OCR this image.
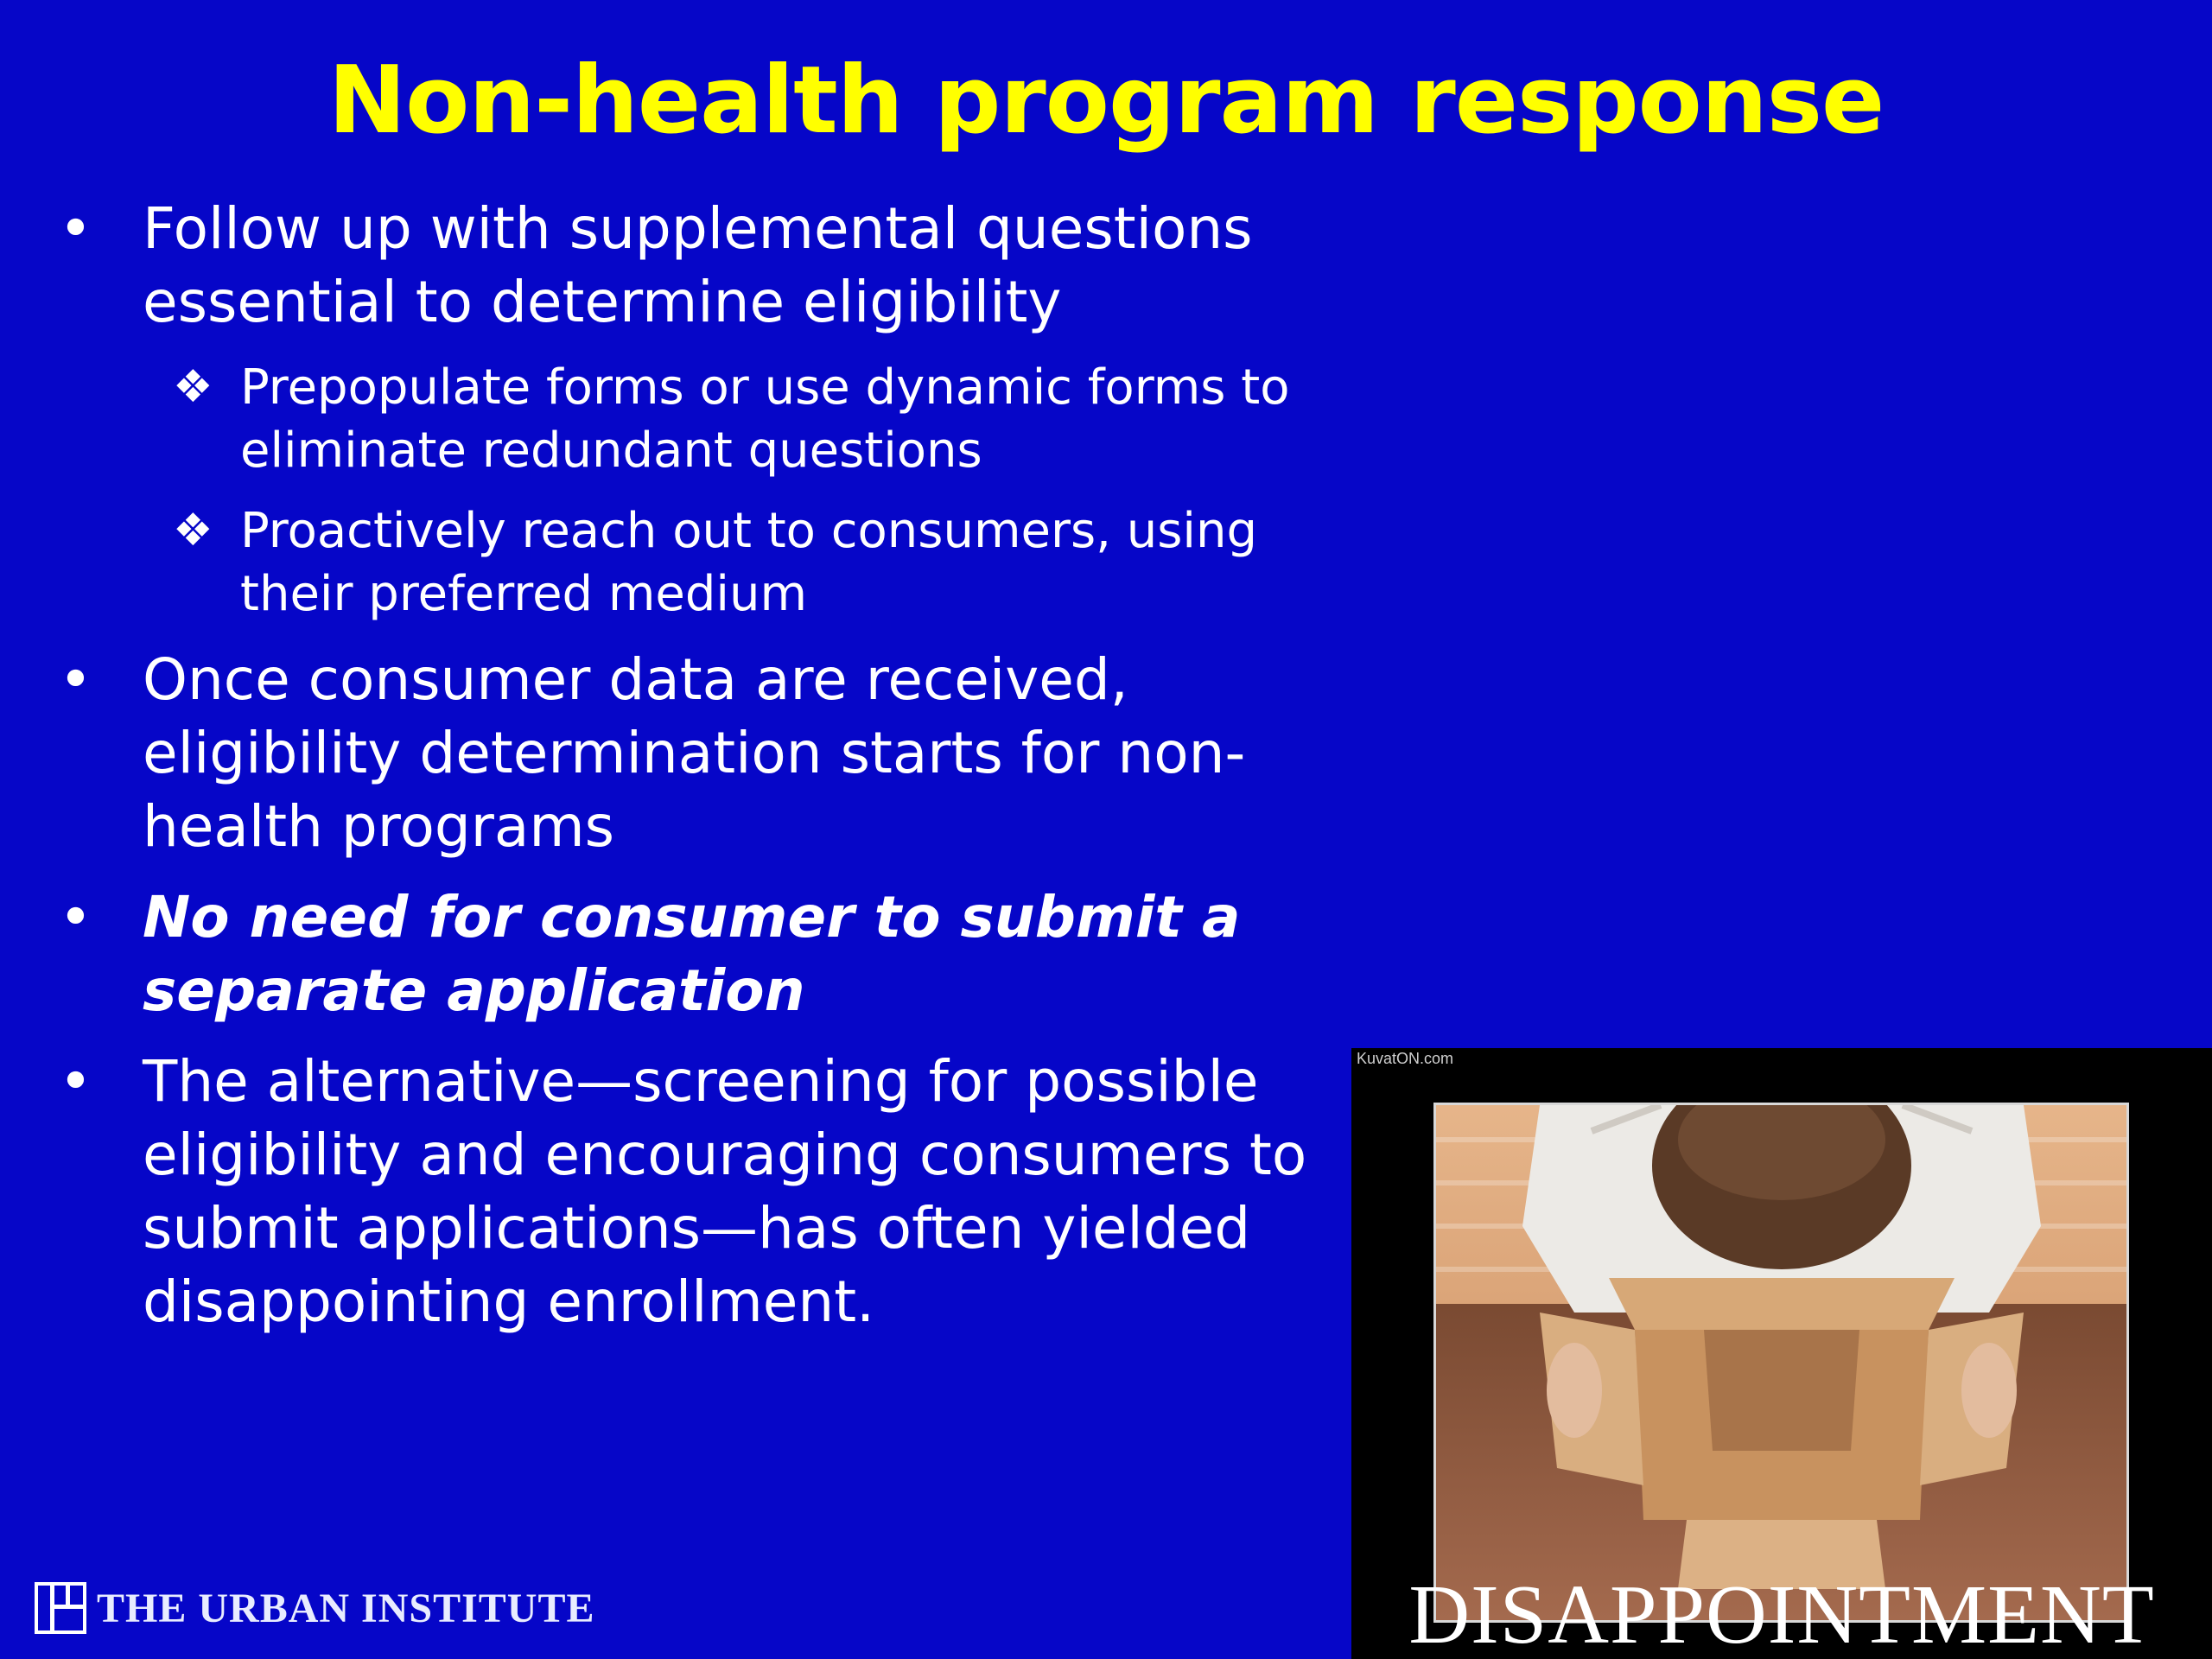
Non-health program response
• Follow up with supplemental questions essential to determine eligibility
❖ Prepopulate forms or use dynamic forms to eliminate redundant questions
❖ Proactively reach out to consumers, using their preferred medium
• Once consumer data are received, eligibility determination starts for non-health programs
• No need for consumer to submit a separate application
• The alternative—screening for possible eligibility and encouraging consumers to submit applications—has often yielded disappointing enrollment.
THE URBAN INSTITUTE
KuvatON.com
DISAPPOINTMENT
